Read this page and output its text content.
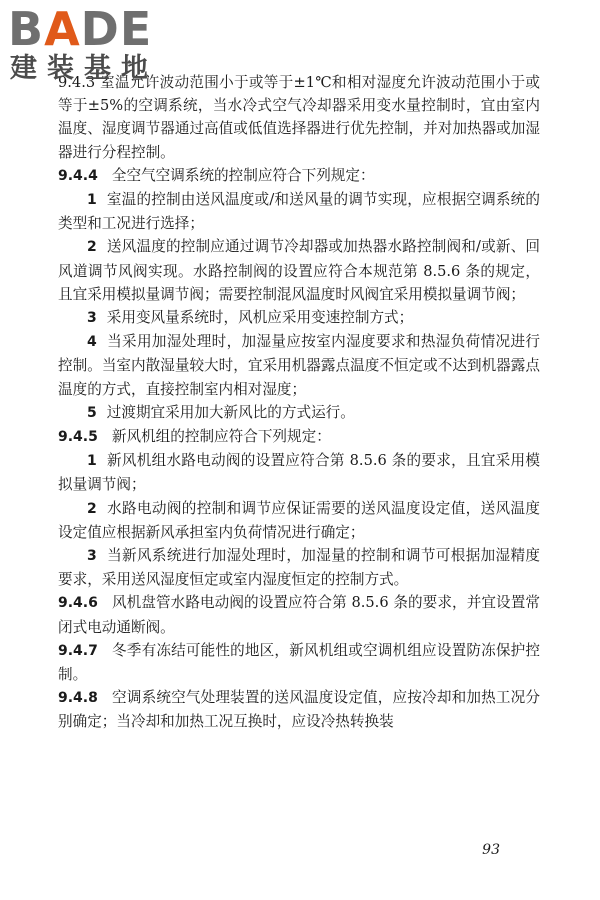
BADE
建装基地

9.4.3 室温允许波动范围小于或等于±1℃和相对湿度允许波动范围小于或等于±5%的空调系统，当水冷式空气冷却器采用变水量控制时，宜由室内温度、湿度调节器通过高值或低值选择器进行优先控制，并对加热器或加湿器进行分程控制。

9.4.4 全空气空调系统的控制应符合下列规定：

1 室温的控制由送风温度或/和送风量的调节实现，应根据空调系统的类型和工况进行选择；

2 送风温度的控制应通过调节冷却器或加热器水路控制阀和/或新、回风道调节风阀实现。水路控制阀的设置应符合本规范第 8.5.6 条的规定，且宜采用模拟量调节阀；需要控制混风温度时风阀宜采用模拟量调节阀；

3 采用变风量系统时，风机应采用变速控制方式；

4 当采用加湿处理时，加湿量应按室内湿度要求和热湿负荷情况进行控制。当室内散湿量较大时，宜采用机器露点温度不恒定或不达到机器露点温度的方式，直接控制室内相对湿度；

5 过渡期宜采用加大新风比的方式运行。

9.4.5 新风机组的控制应符合下列规定：

1 新风机组水路电动阀的设置应符合第 8.5.6 条的要求，且宜采用模拟量调节阀；

2 水路电动阀的控制和调节应保证需要的送风温度设定值，送风温度设定值应根据新风承担室内负荷情况进行确定；

3 当新风系统进行加湿处理时，加湿量的控制和调节可根据加湿精度要求，采用送风湿度恒定或室内湿度恒定的控制方式。

9.4.6 风机盘管水路电动阀的设置应符合第 8.5.6 条的要求，并宜设置常闭式电动通断阀。

9.4.7 冬季有冻结可能性的地区，新风机组或空调机组应设置防冻保护控制。

9.4.8 空调系统空气处理装置的送风温度设定值，应按冷却和加热工况分别确定；当冷却和加热工况互换时，应设冷热转换装

93
